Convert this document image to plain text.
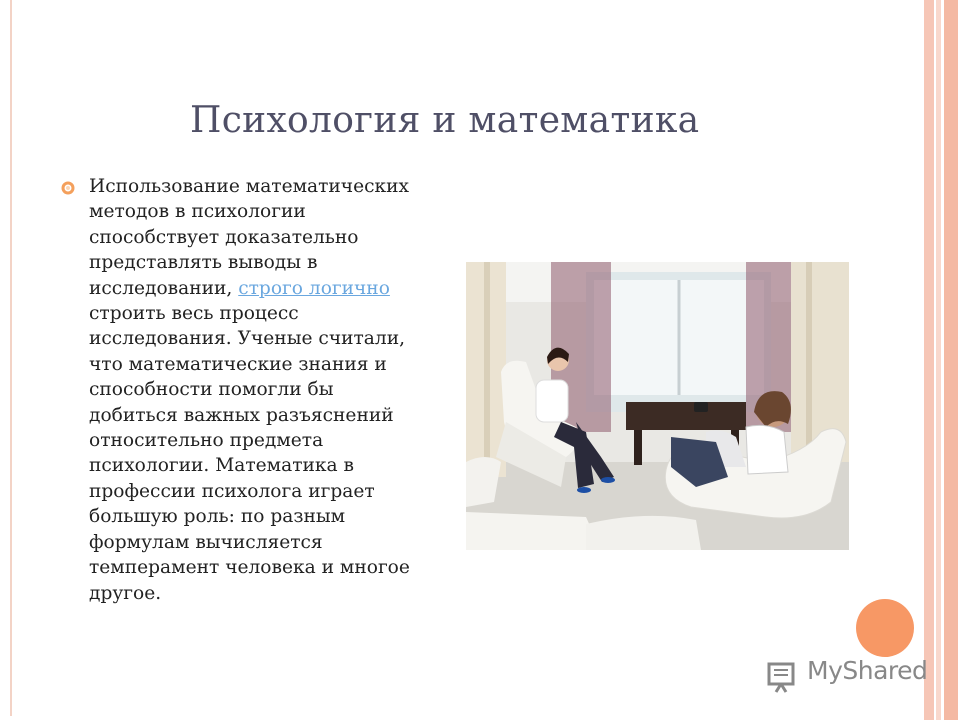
Психология и математика
Использование математических методов в психологии способствует доказательно представлять выводы в исследовании, строго логично строить весь процесс исследования. Ученые считали, что математические знания и способности помогли бы добиться важных разъяснений относительно предмета психологии. Математика в профессии психолога играет большую роль: по разным формулам вычисляется темперамент человека и многое другое.
MyShared
